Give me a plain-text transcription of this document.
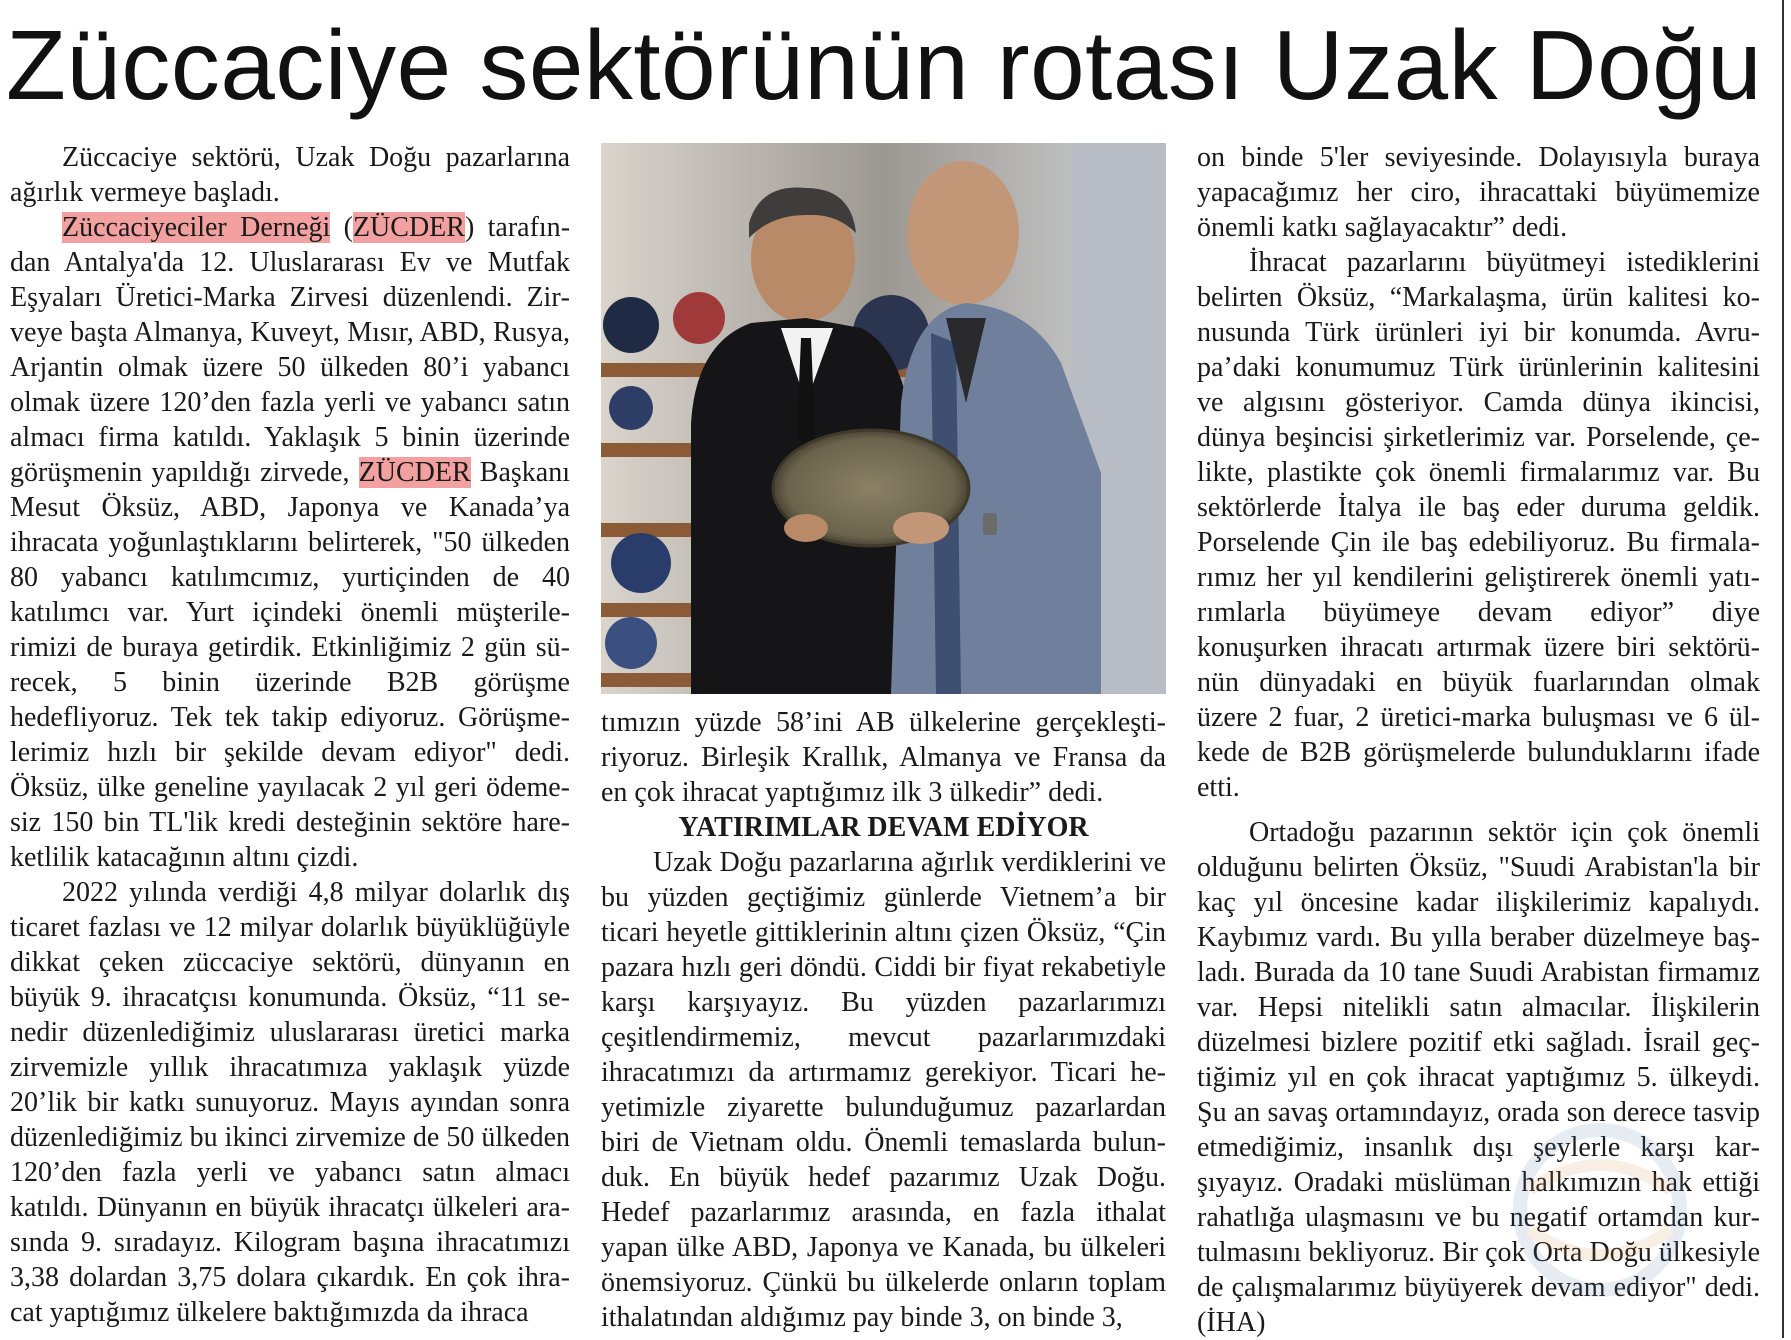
Züccaciye sektörünün rotası Uzak Doğu

Züccaciye sektörü, Uzak Doğu pazarlarına ağırlık vermeye başladı.

Züccaciyeciler Derneği (ZÜCDER) tarafından Antalya'da 12. Uluslararası Ev ve Mutfak Eşyaları Üretici-Marka Zirvesi düzenlendi. Zirveye başta Almanya, Kuveyt, Mısır, ABD, Rusya, Arjantin olmak üzere 50 ülkeden 80’i yabancı olmak üzere 120’den fazla yerli ve yabancı satın almacı firma katıldı. Yaklaşık 5 binin üzerinde görüşmenin yapıldığı zirvede, ZÜCDER Başkanı Mesut Öksüz, ABD, Japonya ve Kanada’ya ihracata yoğunlaştıklarını belirterek, "50 ülkeden 80 yabancı katılımcımız, yurtiçinden de 40 katılımcı var. Yurt içindeki önemli müşterilerimizi de buraya getirdik. Etkinliğimiz 2 gün sürecek, 5 binin üzerinde B2B görüşme hedefliyoruz. Tek tek takip ediyoruz. Görüşmelerimiz hızlı bir şekilde devam ediyor" dedi. Öksüz, ülke geneline yayılacak 2 yıl geri ödemesiz 150 bin TL'lik kredi desteğinin sektöre hareketlilik katacağının altını çizdi.

2022 yılında verdiği 4,8 milyar dolarlık dış ticaret fazlası ve 12 milyar dolarlık büyüklüğüyle dikkat çeken züccaciye sektörü, dünyanın en büyük 9. ihracatçısı konumunda. Öksüz, “11 senedir düzenlediğimiz uluslararası üretici marka zirvemizle yıllık ihracatımıza yaklaşık yüzde 20’lik bir katkı sunuyoruz. Mayıs ayından sonra düzenlediğimiz bu ikinci zirvemize de 50 ülkeden 120’den fazla yerli ve yabancı satın almacı katıldı. Dünyanın en büyük ihracatçı ülkeleri arasında 9. sıradayız. Kilogram başına ihracatımızı 3,38 dolardan 3,75 dolara çıkardık. En çok ihracat yaptığımız ülkelere baktığımızda da ihraca

tımızın yüzde 58’ini AB ülkelerine gerçekleştiriyoruz. Birleşik Krallık, Almanya ve Fransa da en çok ihracat yaptığımız ilk 3 ülkedir” dedi.

YATIRIMLAR DEVAM EDİYOR

Uzak Doğu pazarlarına ağırlık verdiklerini ve bu yüzden geçtiğimiz günlerde Vietnem’a bir ticari heyetle gittiklerinin altını çizen Öksüz, “Çin pazara hızlı geri döndü. Ciddi bir fiyat rekabetiyle karşı karşıyayız. Bu yüzden pazarlarımızı çeşitlendirmemiz, mevcut pazarlarımızdaki ihracatımızı da artırmamız gerekiyor. Ticari heyetimizle ziyarette bulunduğumuz pazarlardan biri de Vietnam oldu. Önemli temaslarda bulunduk. En büyük hedef pazarımız Uzak Doğu. Hedef pazarlarımız arasında, en fazla ithalat yapan ülke ABD, Japonya ve Kanada, bu ülkeleri önemsiyoruz. Çünkü bu ülkelerde onların toplam ithalatından aldığımız pay binde 3, on binde 3,

on binde 5'ler seviyesinde. Dolayısıyla buraya yapacağımız her ciro, ihracattaki büyümemize önemli katkı sağlayacaktır” dedi.

İhracat pazarlarını büyütmeyi istediklerini belirten Öksüz, “Markalaşma, ürün kalitesi konusunda Türk ürünleri iyi bir konumda. Avrupa’daki konumumuz Türk ürünlerinin kalitesini ve algısını gösteriyor. Camda dünya ikincisi, dünya beşincisi şirketlerimiz var. Porselende, çelikte, plastikte çok önemli firmalarımız var. Bu sektörlerde İtalya ile baş eder duruma geldik. Porselende Çin ile baş edebiliyoruz. Bu firmalarımız her yıl kendilerini geliştirerek önemli yatırımlarla büyümeye devam ediyor” diye konuşurken ihracatı artırmak üzere biri sektörünün dünyadaki en büyük fuarlarından olmak üzere 2 fuar, 2 üretici-marka buluşması ve 6 ülkede de B2B görüşmelerde bulunduklarını ifade etti.

Ortadoğu pazarının sektör için çok önemli olduğunu belirten Öksüz, "Suudi Arabistan'la bir kaç yıl öncesine kadar ilişkilerimiz kapalıydı. Kaybımız vardı. Bu yılla beraber düzelmeye başladı. Burada da 10 tane Suudi Arabistan firmamız var. Hepsi nitelikli satın almacılar. İlişkilerin düzelmesi bizlere pozitif etki sağladı. İsrail geçtiğimiz yıl en çok ihracat yaptığımız 5. ülkeydi. Şu an savaş ortamındayız, orada son derece tasvip etmediğimiz, insanlık dışı şeylerle karşı karşıyayız. Oradaki müslüman halkımızın hak ettiği rahatlığa ulaşmasını ve bu negatif ortamdan kurtulmasını bekliyoruz. Bir çok Orta Doğu ülkesiyle de çalışmalarımız büyüyerek devam ediyor" dedi. (İHA)
